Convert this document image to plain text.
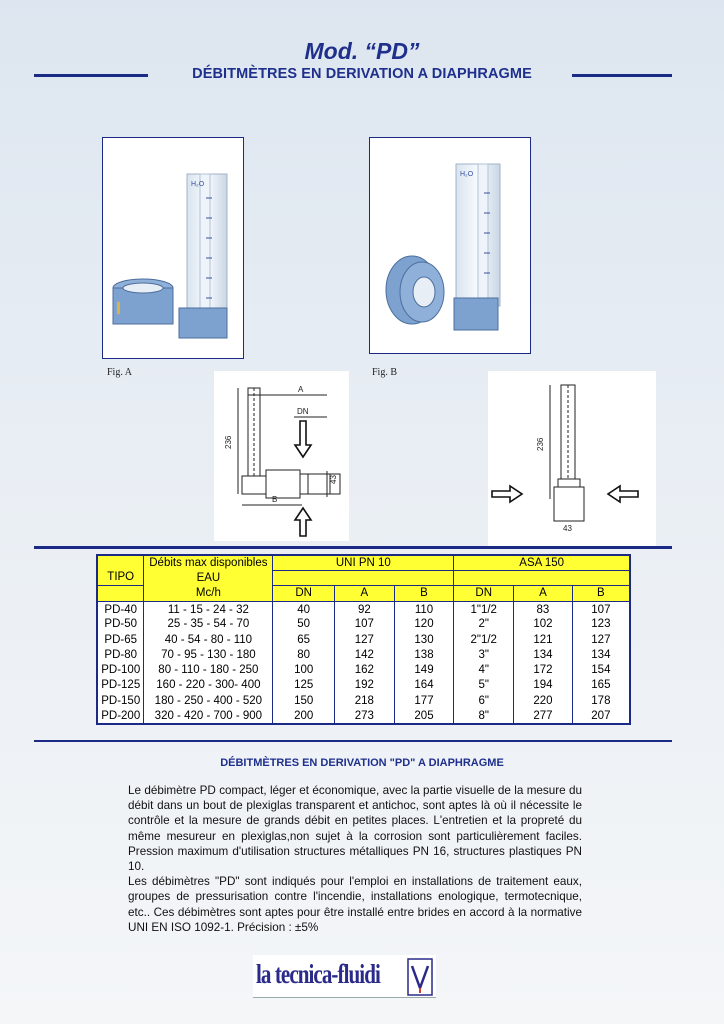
Mod. “PD”
DÉBITMÈTRES EN DERIVATION A DIAPHRAGME
H₂O
H₂O
Fig. A	Fig. B
236
A
DN
B
43
236
43
TIPO	Débits max disponibles	UNI PN 10			ASA 150		
	EAU						
	Mc/h	DN	A	B	DN	A	B
PD-40	11 - 15 - 24 - 32	40	92	110	1"1/2	83	107
PD-50	25 - 35 - 54 - 70	50	107	120	2"	102	123
PD-65	40 - 54 - 80 - 110	65	127	130	2"1/2	121	127
PD-80	70 - 95 - 130 - 180	80	142	138	3"	134	134
PD-100	80 - 110 - 180 - 250	100	162	149	4"	172	154
PD-125	160 - 220 - 300- 400	125	192	164	5"	194	165
PD-150	180 - 250 - 400 - 520	150	218	177	6"	220	178
PD-200	320 - 420 - 700 - 900	200	273	205	8"	277	207
DÉBITMÈTRES EN DERIVATION "PD" A DIAPHRAGME

Le débimètre PD compact, léger et économique, avec la partie visuelle de la mesure du débit dans un bout de plexiglas transparent et antichoc, sont aptes là où il nécessite le contrôle et la mesure de grands débit en petites places. L'entretien et la propreté du même mesureur en plexiglas,non sujet à la corrosion sont particulièrement faciles. Pression maximum d'utilisation structures métalliques PN 16, structures plastiques PN 10.

Les débimètres "PD" sont indiqués pour l'emploi en installations de traitement eaux, groupes de pressurisation contre l'incendie, installations enologique, termotecnique, etc.. Ces débimètres sont aptes pour être installé entre brides en accord à la normative UNI EN ISO 1092-1. Précision : ±5%

la tecnica-fluidi
